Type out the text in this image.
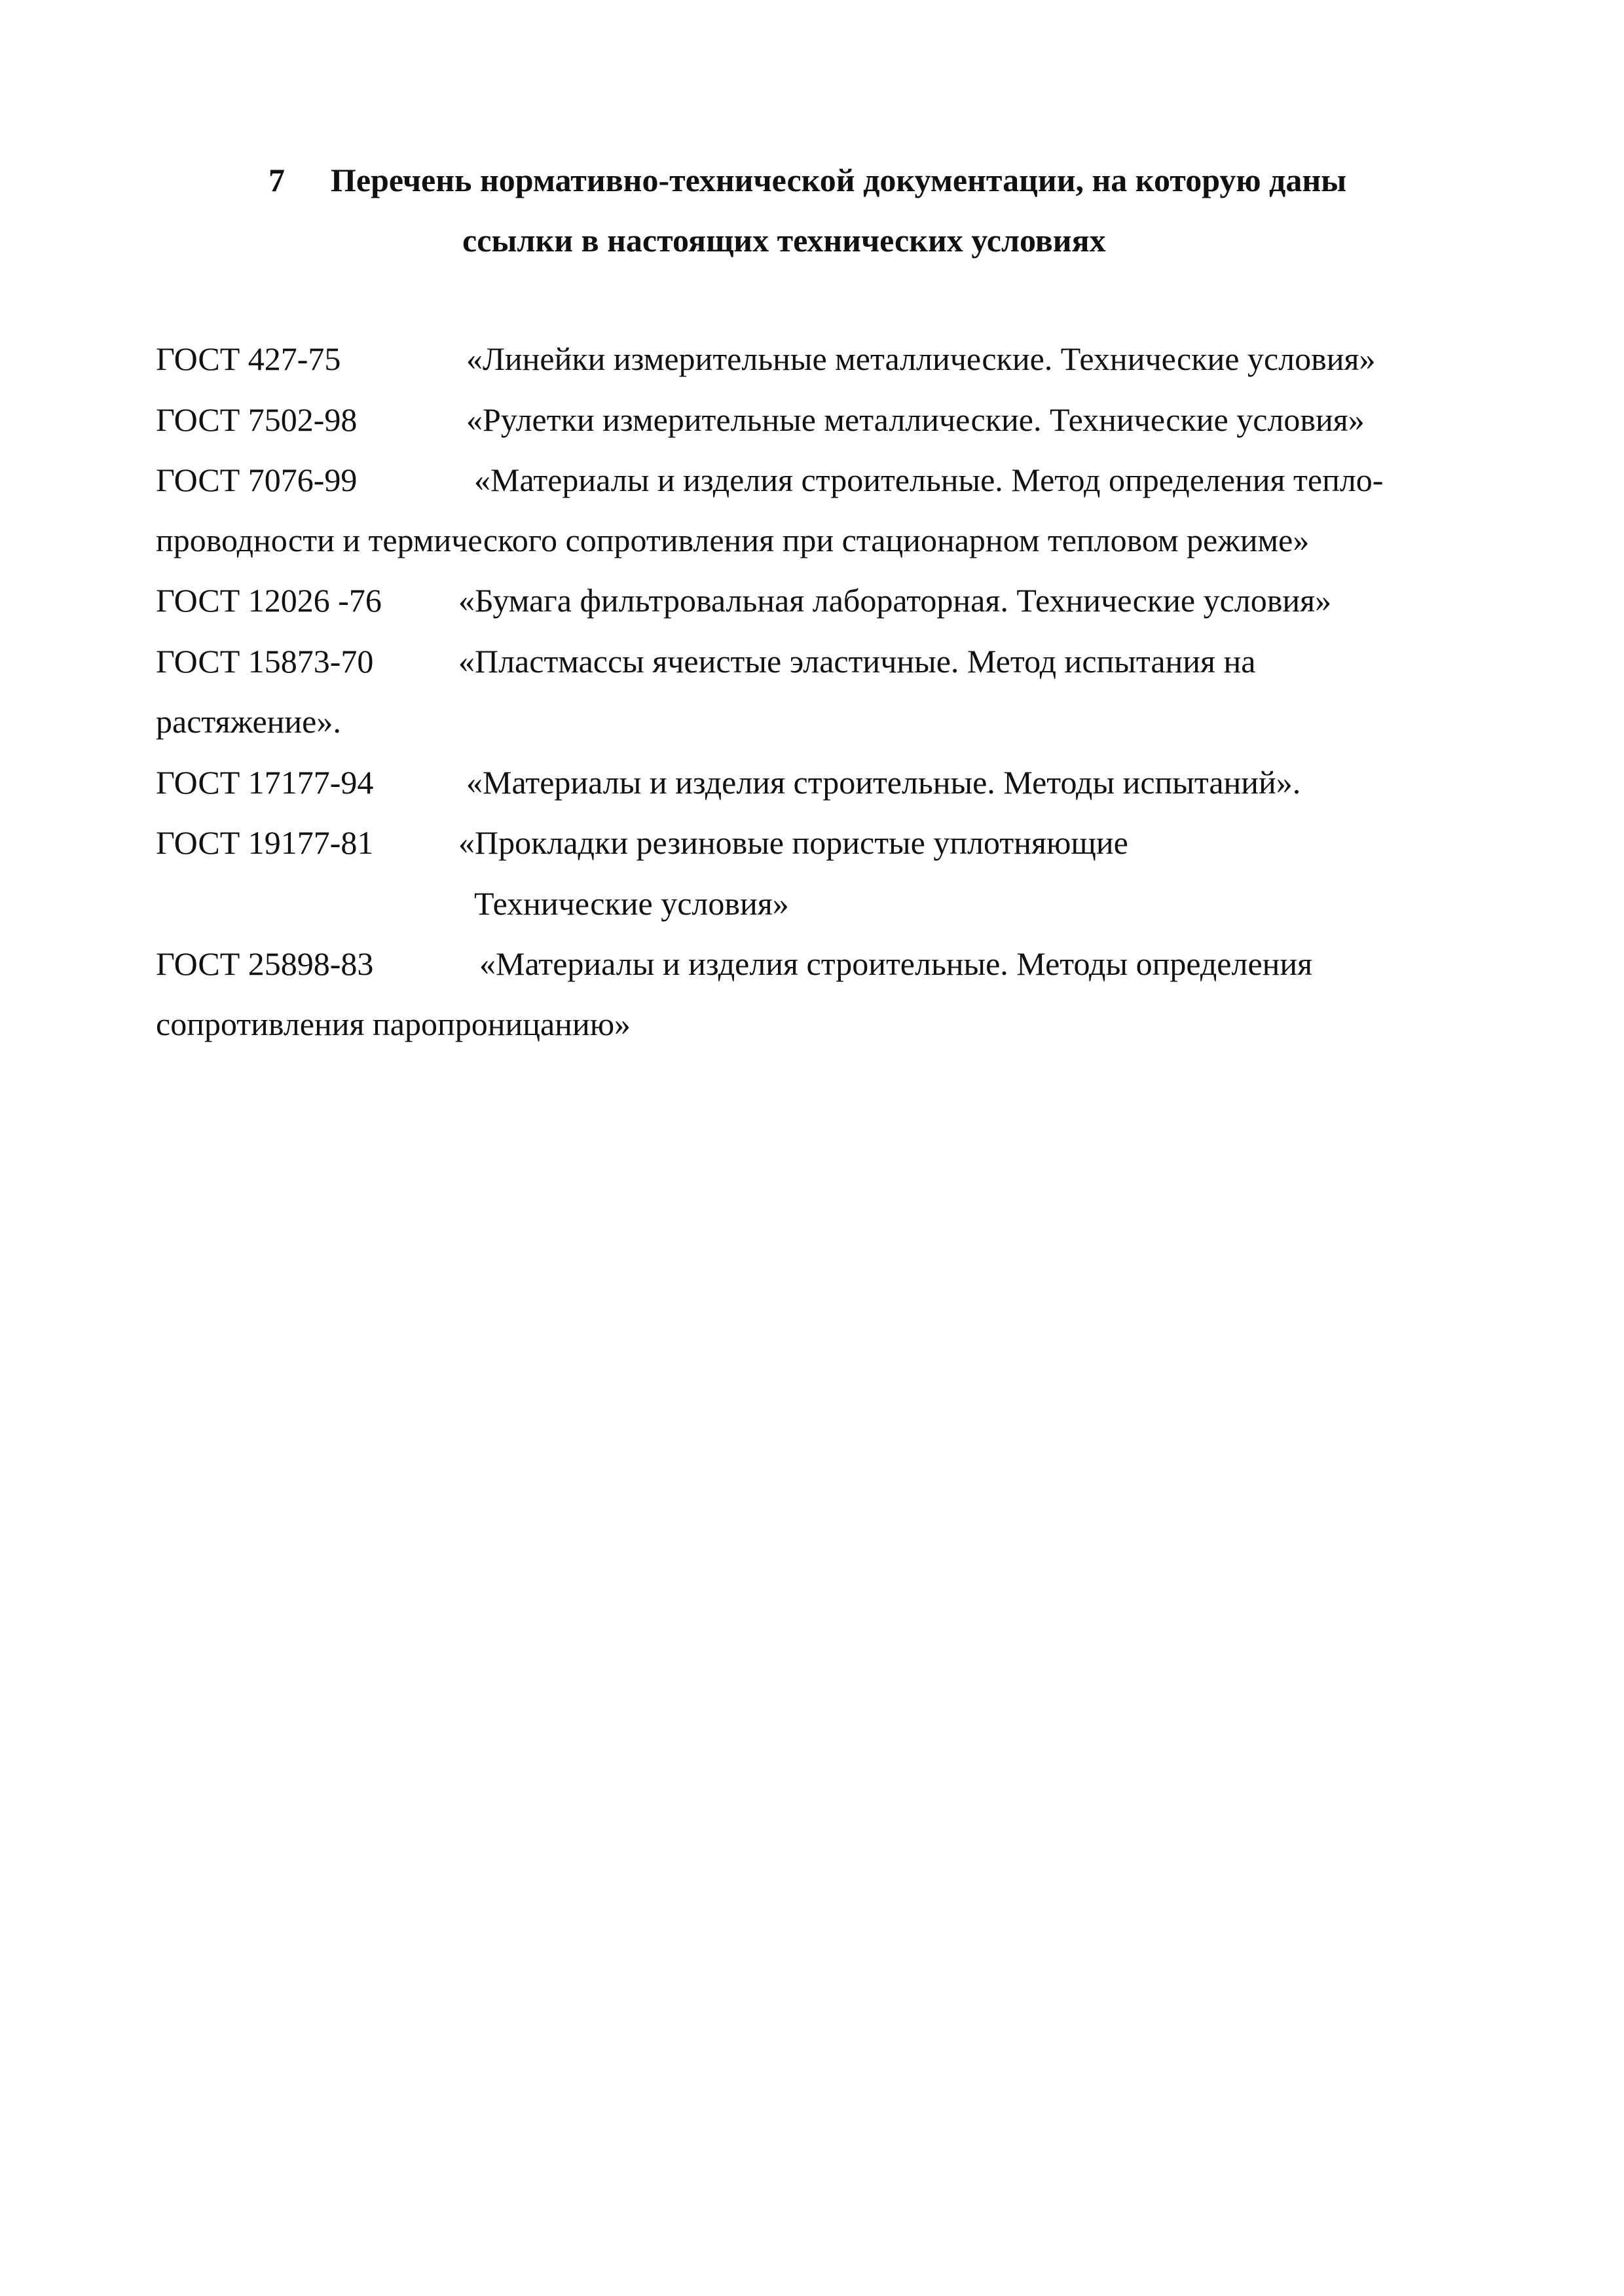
7 Перечень нормативно-технической документации, на которую даны
ссылки в настоящих технических условиях
ГОСТ 427-75	«Линейки измерительные металлические. Технические условия»
ГОСТ 7502-98	«Рулетки измерительные металлические. Технические условия»
ГОСТ 7076-99	«Материалы и изделия строительные. Метод определения тепло-
проводности и термического сопротивления при стационарном тепловом режиме»
ГОСТ 12026 -76 «Бумага фильтровальная лабораторная. Технические условия»
ГОСТ 15873-70	«Пластмассы ячеистые эластичные. Метод испытания на
растяжение».
ГОСТ 17177-94	«Материалы и изделия строительные. Методы испытаний».
ГОСТ 19177-81	«Прокладки резиновые пористые уплотняющие
Технические условия»
ГОСТ 25898-83	«Материалы и изделия строительные. Методы определения
сопротивления паропроницанию»
